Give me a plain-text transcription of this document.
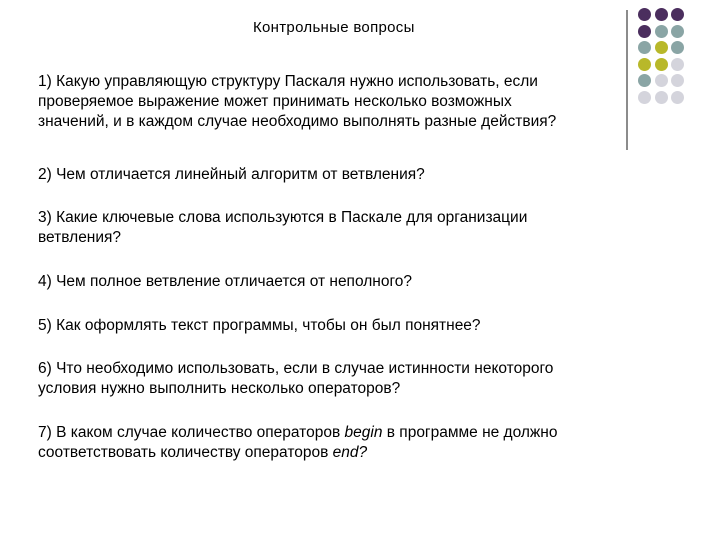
Контрольные вопросы

1) Какую управляющую структуру Паскаля нужно использовать, если
проверяемое выражение может принимать несколько возможных
значений, и в каждом случае необходимо выполнять разные действия?

2) Чем отличается линейный алгоритм от ветвления?

3) Какие ключевые слова используются в Паскале для организации
ветвления?

4) Чем полное ветвление отличается от неполного?

5) Как оформлять текст программы, чтобы он был понятнее?

6) Что необходимо использовать, если в случае истинности некоторого
условия нужно выполнить несколько операторов?

7) В каком случае количество операторов begin в программе не должно
соответствовать количеству операторов end?
